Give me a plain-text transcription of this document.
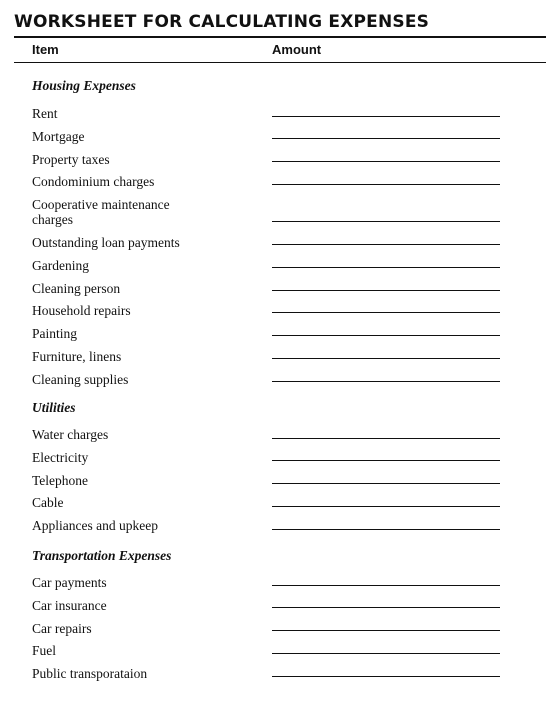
WORKSHEET FOR CALCULATING EXPENSES
Item	Amount
Housing Expenses
Rent
Mortgage
Property taxes
Condominium charges
Cooperative maintenance charges
Outstanding loan payments
Gardening
Cleaning person
Household repairs
Painting
Furniture, linens
Cleaning supplies
Utilities
Water charges
Electricity
Telephone
Cable
Appliances and upkeep
Transportation Expenses
Car payments
Car insurance
Car repairs
Fuel
Public transporataion
